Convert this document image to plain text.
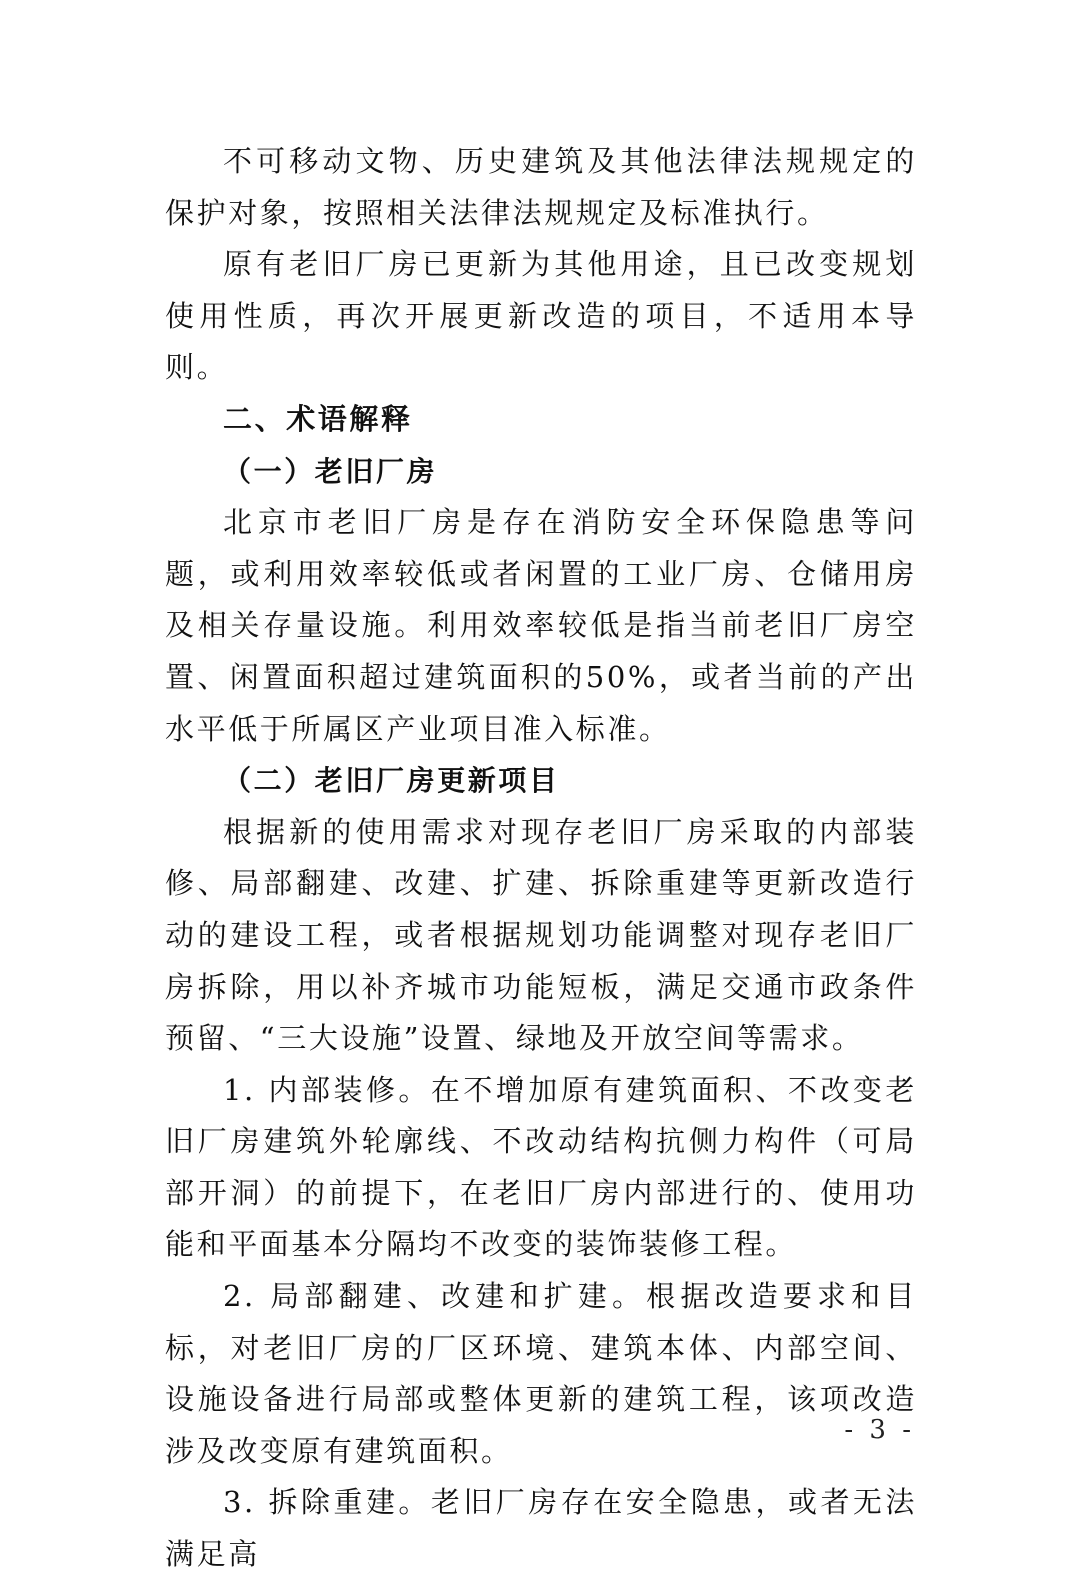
不可移动文物、历史建筑及其他法律法规规定的保护对象，按照相关法律法规规定及标准执行。

原有老旧厂房已更新为其他用途，且已改变规划使用性质，再次开展更新改造的项目，不适用本导则。

二、术语解释

（一）老旧厂房

北京市老旧厂房是存在消防安全环保隐患等问题，或利用效率较低或者闲置的工业厂房、仓储用房及相关存量设施。利用效率较低是指当前老旧厂房空置、闲置面积超过建筑面积的50%，或者当前的产出水平低于所属区产业项目准入标准。

（二）老旧厂房更新项目

根据新的使用需求对现存老旧厂房采取的内部装修、局部翻建、改建、扩建、拆除重建等更新改造行动的建设工程，或者根据规划功能调整对现存老旧厂房拆除，用以补齐城市功能短板，满足交通市政条件预留、“三大设施”设置、绿地及开放空间等需求。

1. 内部装修。在不增加原有建筑面积、不改变老旧厂房建筑外轮廓线、不改动结构抗侧力构件（可局部开洞）的前提下，在老旧厂房内部进行的、使用功能和平面基本分隔均不改变的装饰装修工程。

2. 局部翻建、改建和扩建。根据改造要求和目标，对老旧厂房的厂区环境、建筑本体、内部空间、设施设备进行局部或整体更新的建筑工程，该项改造涉及改变原有建筑面积。

3. 拆除重建。老旧厂房存在安全隐患，或者无法满足高

- 3 -
